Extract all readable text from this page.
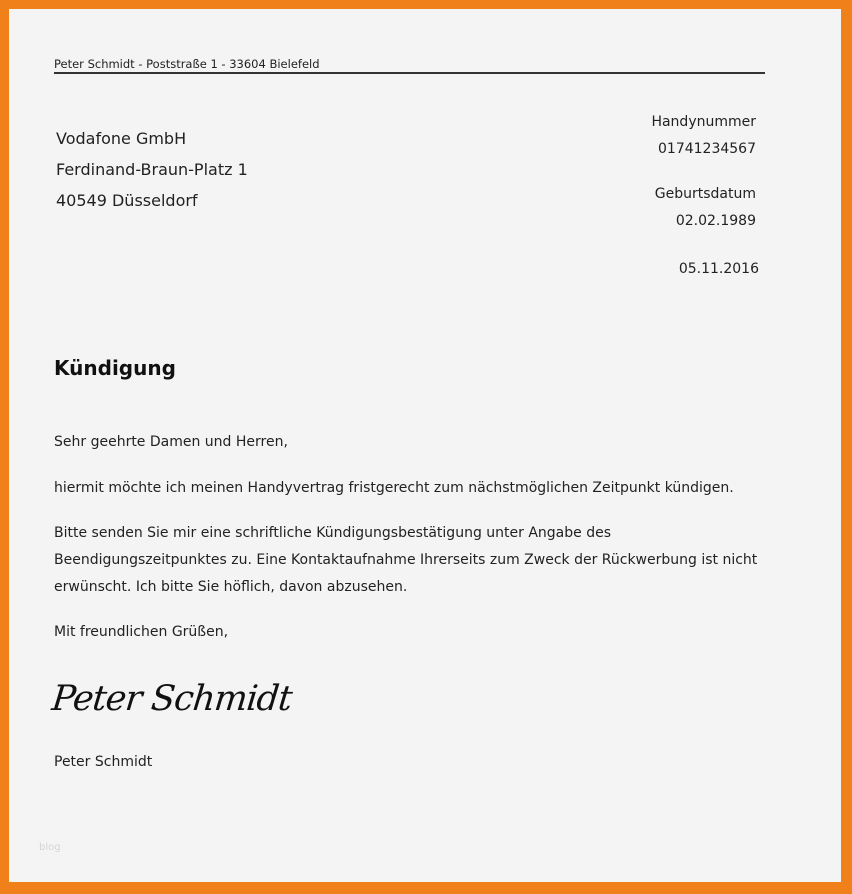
Peter Schmidt - Poststraße 1 - 33604 Bielefeld
Vodafone GmbH
Ferdinand-Braun-Platz 1
40549 Düsseldorf
Handynummer
01741234567
Geburtsdatum
02.02.1989
05.11.2016
Kündigung
Sehr geehrte Damen und Herren,
hiermit möchte ich meinen Handyvertrag fristgerecht zum nächstmöglichen Zeitpunkt kündigen.
Bitte senden Sie mir eine schriftliche Kündigungsbestätigung unter Angabe des
Beendigungszeitpunktes zu. Eine Kontaktaufnahme Ihrerseits zum Zweck der Rückwerbung ist nicht
erwünscht. Ich bitte Sie höflich, davon abzusehen.
Mit freundlichen Grüßen,
Peter Schmidt
Peter Schmidt
blog
